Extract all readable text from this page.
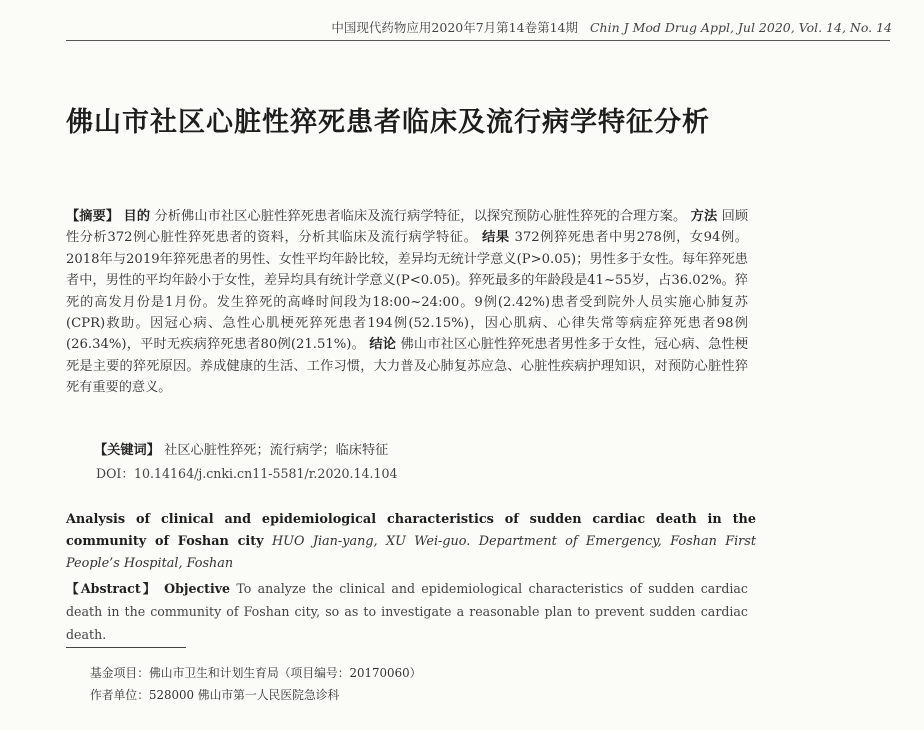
中国现代药物应用2020年7月第14卷第14期 Chin J Mod Drug Appl, Jul 2020, Vol. 14, No. 14
佛山市社区心脏性猝死患者临床及流行病学特征分析
【摘要】 目的 分析佛山市社区心脏性猝死患者临床及流行病学特征，以探究预防心脏性猝死的合理方案。 方法 回顾性分析372例心脏性猝死患者的资料，分析其临床及流行病学特征。 结果 372例猝死患者中男278例，女94例。2018年与2019年猝死患者的男性、女性平均年龄比较，差异均无统计学意义(P>0.05)；男性多于女性。每年猝死患者中，男性的平均年龄小于女性，差异均具有统计学意义(P<0.05)。猝死最多的年龄段是41~55岁，占36.02%。猝死的高发月份是1月份。发生猝死的高峰时间段为18:00~24:00。9例(2.42%)患者受到院外人员实施心肺复苏(CPR)救助。因冠心病、急性心肌梗死猝死患者194例(52.15%)，因心肌病、心律失常等病症猝死患者98例(26.34%)，平时无疾病猝死患者80例(21.51%)。 结论 佛山市社区心脏性猝死患者男性多于女性，冠心病、急性梗死是主要的猝死原因。养成健康的生活、工作习惯，大力普及心肺复苏应急、心脏性疾病护理知识，对预防心脏性猝死有重要的意义。
【关键词】 社区心脏性猝死；流行病学；临床特征
DOI：10.14164/j.cnki.cn11-5581/r.2020.14.104
Analysis of clinical and epidemiological characteristics of sudden cardiac death in the community of Foshan city HUO Jian-yang, XU Wei-guo. Department of Emergency, Foshan First People’s Hospital, Foshan
【Abstract】 Objective To analyze the clinical and epidemiological characteristics of sudden cardiac death in the community of Foshan city, so as to investigate a reasonable plan to prevent sudden cardiac death.
基金项目：佛山市卫生和计划生育局（项目编号：20170060）
作者单位：528000 佛山市第一人民医院急诊科
